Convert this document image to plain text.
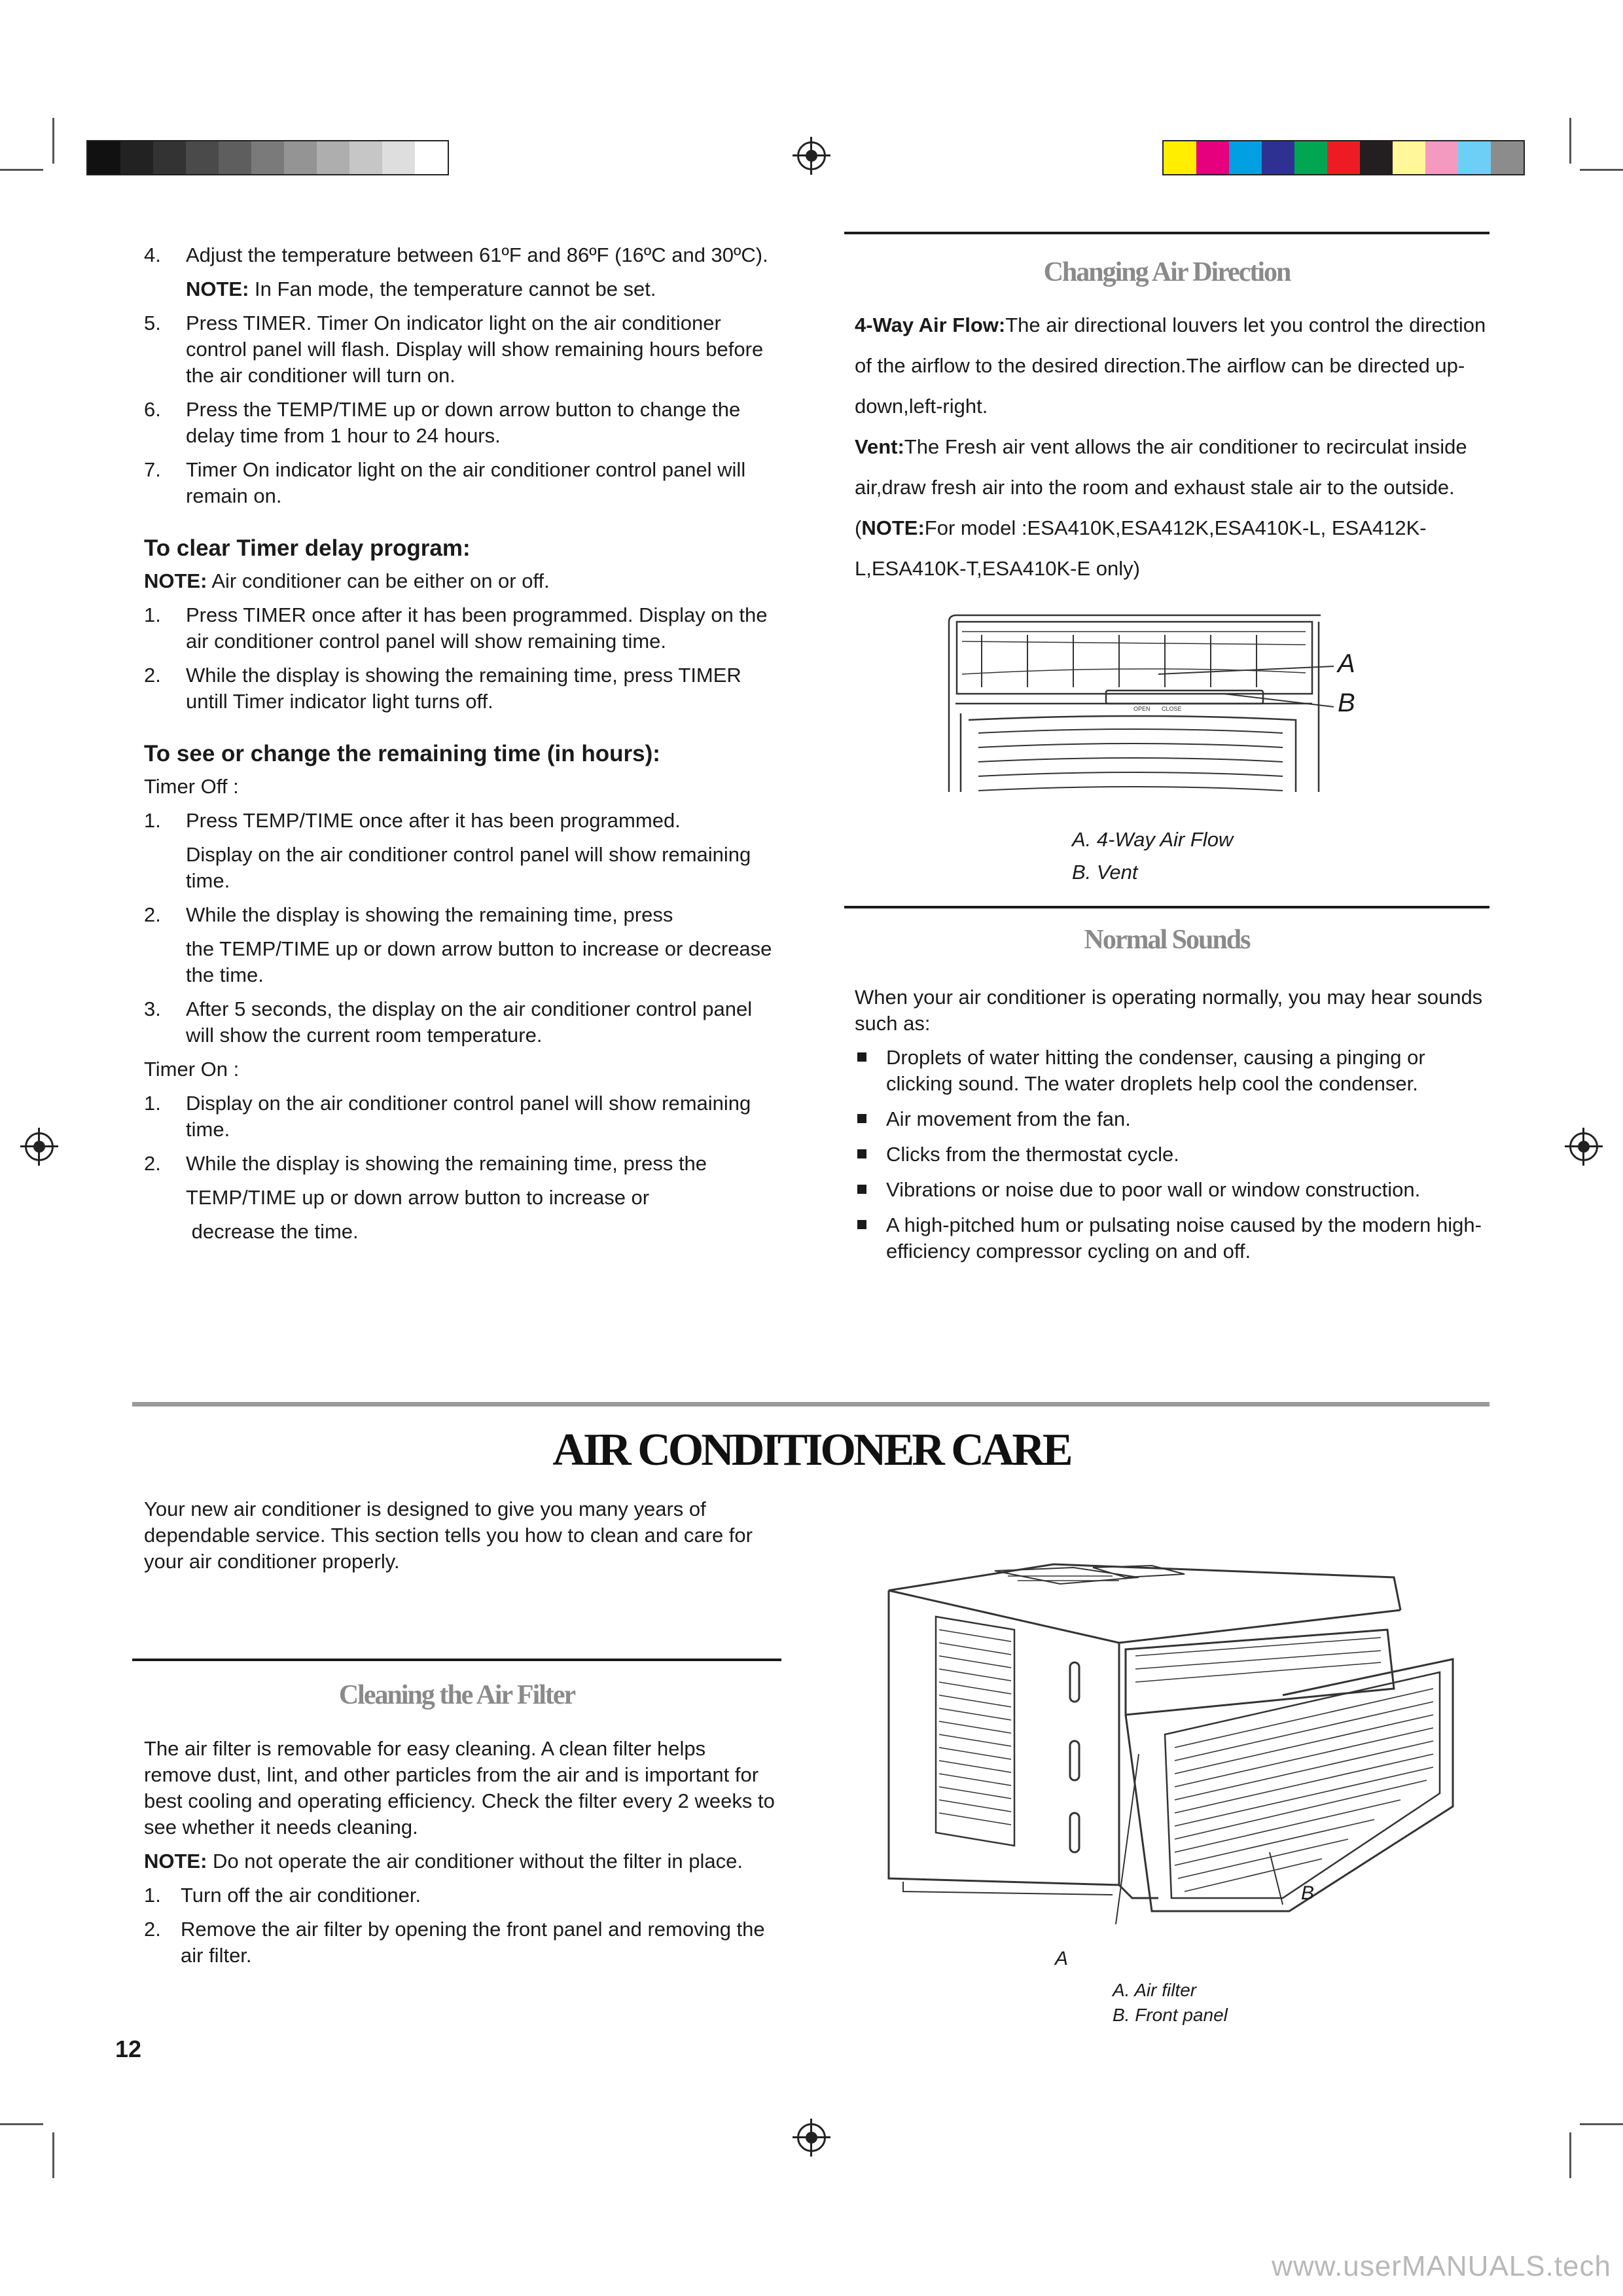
4. Adjust the temperature between 61ºF and 86ºF (16ºC and 30ºC).

NOTE: In Fan mode, the temperature cannot be set.

5. Press TIMER. Timer On indicator light on the air conditioner control panel will flash. Display will show remaining hours before the air conditioner will turn on.

6. Press the TEMP/TIME up or down arrow button to change the delay time from 1 hour to 24 hours.

7. Timer On indicator light on the air conditioner control panel will remain on.

To clear Timer delay program:

NOTE: Air conditioner can be either on or off.

1. Press TIMER once after it has been programmed. Display on the air conditioner control panel will show remaining time.

2. While the display is showing the remaining time, press TIMER untill Timer indicator light turns off.

To see or change the remaining time (in hours):

Timer Off :

1. Press TEMP/TIME once after it has been programmed.

Display on the air conditioner control panel will show remaining time.

2. While the display is showing the remaining time, press

the TEMP/TIME up or down arrow button to increase or decrease the time.

3. After 5 seconds, the display on the air conditioner control panel will show the current room temperature.

Timer On :

1. Display on the air conditioner control panel will show remaining time.

2. While the display is showing the remaining time, press the

TEMP/TIME up or down arrow button to increase or

decrease the time.

Changing Air Direction
4-Way Air Flow:The air directional louvers let you control the direction of the airflow to the desired direction.The airflow can be directed up-down,left-right.
Vent:The Fresh air vent allows the air conditioner to recirculat inside air,draw fresh air into the room and exhaust stale air to the outside. (NOTE:For model :ESA410K,ESA412K,ESA410K-L, ESA412K-L,ESA410K-T,ESA410K-E only)
OPEN CLOSE
A
B
A. 4-Way Air Flow
B. Vent
Normal Sounds

When your air conditioner is operating normally, you may hear sounds such as:

Droplets of water hitting the condenser, causing a pinging or clicking sound. The water droplets help cool the condenser.
Air movement from the fan.
Clicks from the thermostat cycle.
Vibrations or noise due to poor wall or window construction.
A high-pitched hum or pulsating noise caused by the modern high-efficiency compressor cycling on and off.
AIR CONDITIONER CARE

Your new air conditioner is designed to give you many years of dependable service. This section tells you how to clean and care for your air conditioner properly.

Cleaning the Air Filter

The air filter is removable for easy cleaning. A clean filter helps remove dust, lint, and other particles from the air and is important for best cooling and operating efficiency. Check the filter every 2 weeks to see whether it needs cleaning.

NOTE: Do not operate the air conditioner without the filter in place.

1. Turn off the air conditioner.

2. Remove the air filter by opening the front panel and removing the air filter.

B
A
A. Air filter
B. Front panel
12
www.userMANUALS.tech
